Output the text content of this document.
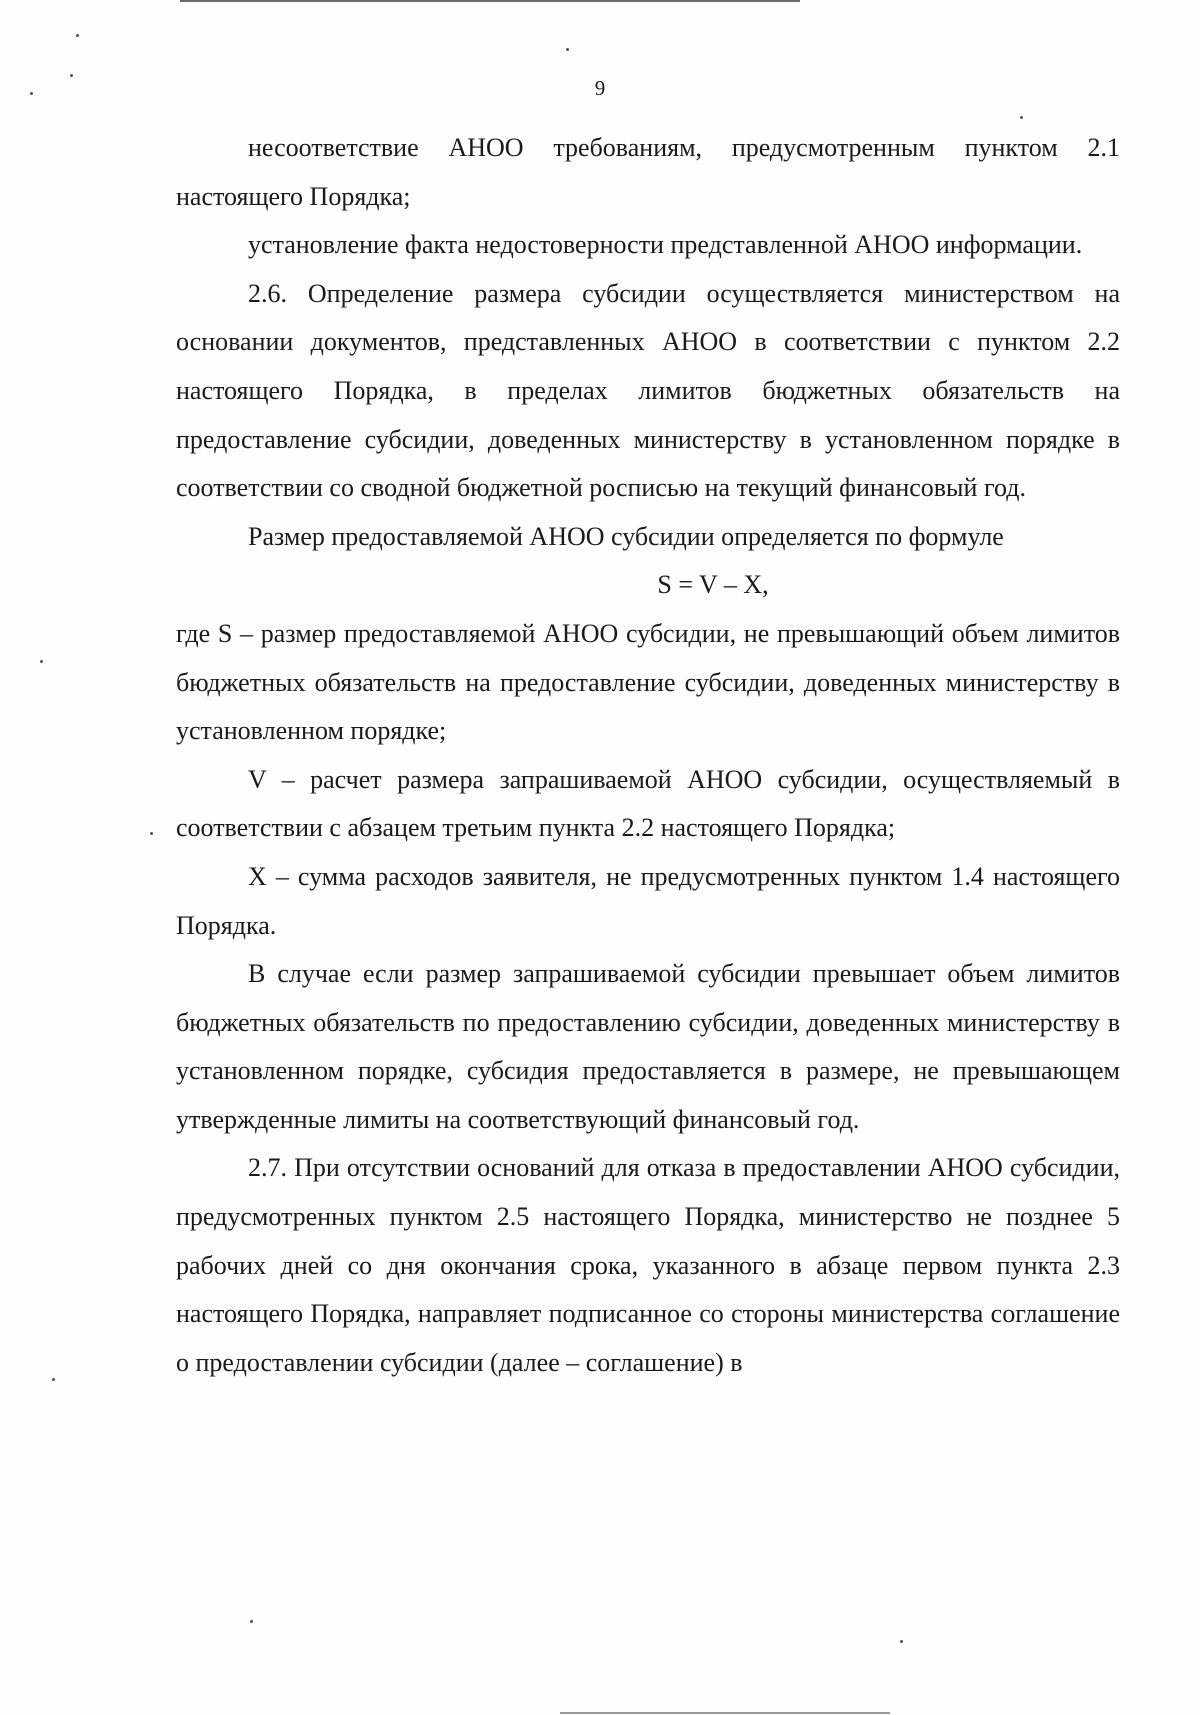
9

несоответствие АНОО требованиям, предусмотренным пунктом 2.1 настоящего Порядка;

установление факта недостоверности представленной АНОО информации.

2.6. Определение размера субсидии осуществляется министерством на основании документов, представленных АНОО в соответствии с пунктом 2.2 настоящего Порядка, в пределах лимитов бюджетных обязательств на предоставление субсидии, доведенных министерству в установленном порядке в соответствии со сводной бюджетной росписью на текущий финансовый год.

Размер предоставляемой АНОО субсидии определяется по формуле

S = V – X,

где S – размер предоставляемой АНОО субсидии, не превышающий объем лимитов бюджетных обязательств на предоставление субсидии, доведенных министерству в установленном порядке;

V – расчет размера запрашиваемой АНОО субсидии, осуществляемый в соответствии с абзацем третьим пункта 2.2 настоящего Порядка;

X – сумма расходов заявителя, не предусмотренных пунктом 1.4 настоящего Порядка.

В случае если размер запрашиваемой субсидии превышает объем лимитов бюджетных обязательств по предоставлению субсидии, доведенных министерству в установленном порядке, субсидия предоставляется в размере, не превышающем утвержденные лимиты на соответствующий финансовый год.

2.7. При отсутствии оснований для отказа в предоставлении АНОО субсидии, предусмотренных пунктом 2.5 настоящего Порядка, министерство не позднее 5 рабочих дней со дня окончания срока, указанного в абзаце первом пункта 2.3 настоящего Порядка, направляет подписанное со стороны министерства соглашение о предоставлении субсидии (далее – соглашение) в
